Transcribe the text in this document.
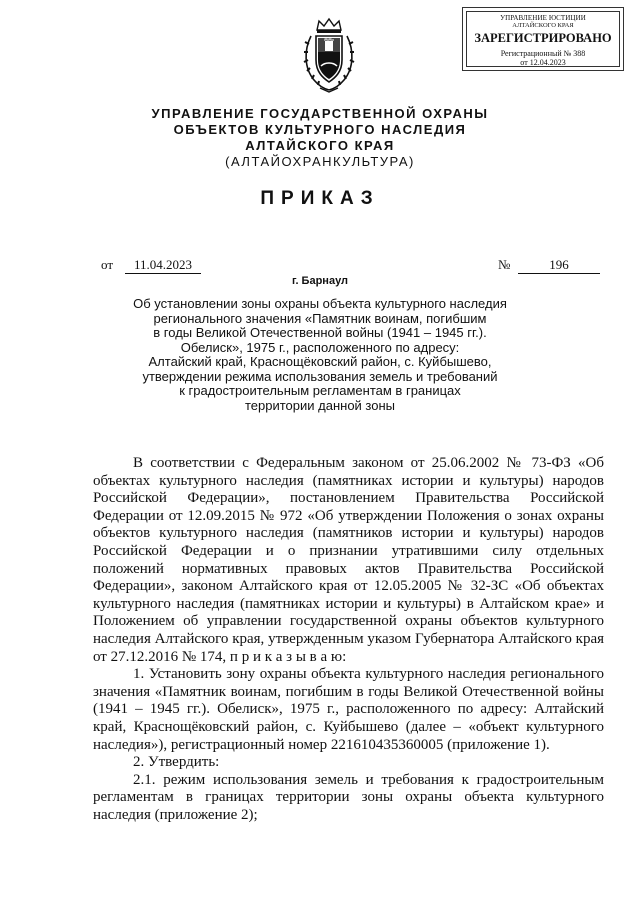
УПРАВЛЕНИЕ ЮСТИЦИИ
АЛТАЙСКОГО КРАЯ
ЗАРЕГИСТРИРОВАНО
Регистрационный № 388
от 12.04.2023
УПРАВЛЕНИЕ ГОСУДАРСТВЕННОЙ ОХРАНЫ
ОБЪЕКТОВ КУЛЬТУРНОГО НАСЛЕДИЯ
АЛТАЙСКОГО КРАЯ
(АЛТАЙОХРАНКУЛЬТУРА)
ПРИКАЗ
от	11.04.2023	№	196
г. Барнаул
Об установлении зоны охраны объекта культурного наследия
регионального значения «Памятник воинам, погибшим
в годы Великой Отечественной войны (1941 – 1945 гг.).
Обелиск», 1975 г., расположенного по адресу:
Алтайский край, Краснощёковский район, с. Куйбышево,
утверждении режима использования земель и требований
к градостроительным регламентам в границах
территории данной зоны

В соответствии с Федеральным законом от 25.06.2002 № 73-ФЗ «Об объектах культурного наследия (памятниках истории и культуры) народов Российской Федерации», постановлением Правительства Российской Федерации от 12.09.2015 № 972 «Об утверждении Положения о зонах охраны объектов культурного наследия (памятников истории и культуры) народов Российской Федерации и о признании утратившими силу отдельных положений нормативных правовых актов Правительства Российской Федерации», законом Алтайского края от 12.05.2005 № 32-ЗС «Об объектах культурного наследия (памятниках истории и культуры) в Алтайском крае» и Положением об управлении государственной охраны объектов культурного наследия Алтайского края, утвержденным указом Губернатора Алтайского края от 27.12.2016 № 174, п р и к а з ы в а ю:

1. Установить зону охраны объекта культурного наследия регионального значения «Памятник воинам, погибшим в годы Великой Отечественной войны (1941 – 1945 гг.). Обелиск», 1975 г., расположенного по адресу: Алтайский край, Краснощёковский район, с. Куйбышево (далее – «объект культурного наследия»), регистрационный номер 221610435360005 (приложение 1).

2. Утвердить:

2.1. режим использования земель и требования к градостроительным регламентам в границах территории зоны охраны объекта культурного наследия (приложение 2);
